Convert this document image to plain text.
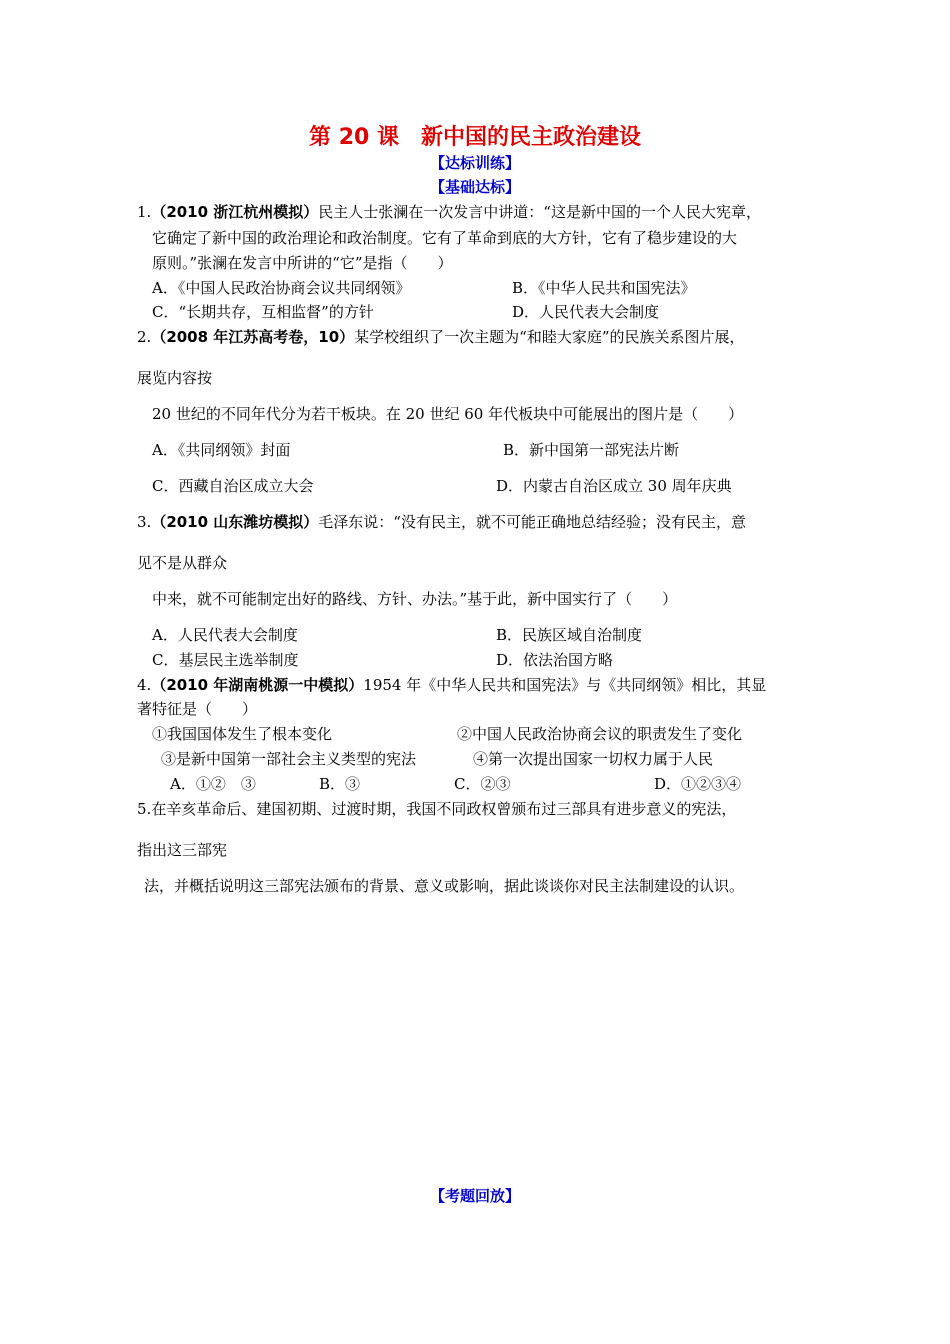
第 20 课　新中国的民主政治建设
【达标训练】
【基础达标】
1.（2010 浙江杭州模拟）民主人士张澜在一次发言中讲道：“这是新中国的一个人民大宪章，
它确定了新中国的政治理论和政治制度。它有了革命到底的大方针，它有了稳步建设的大
原则。”张澜在发言中所讲的“它”是指（　　）
A．《中国人民政治协商会议共同纲领》	B．《中华人民共和国宪法》
C．“长期共存，互相监督”的方针	D．人民代表大会制度
2.（2008 年江苏高考卷，10）某学校组织了一次主题为“和睦大家庭”的民族关系图片展，
展览内容按
20 世纪的不同年代分为若干板块。在 20 世纪 60 年代板块中可能展出的图片是（　　）
A．《共同纲领》封面	B．新中国第一部宪法片断
C．西藏自治区成立大会	D．内蒙古自治区成立 30 周年庆典
3.（2010 山东潍坊模拟）毛泽东说：“没有民主，就不可能正确地总结经验；没有民主，意
见不是从群众
中来，就不可能制定出好的路线、方针、办法。”基于此，新中国实行了（　　）
A．人民代表大会制度	B．民族区域自治制度
C．基层民主选举制度	D．依法治国方略
4.（2010 年湖南桃源一中模拟）1954 年《中华人民共和国宪法》与《共同纲领》相比，其显
著特征是（　　）
①我国国体发生了根本变化	②中国人民政治协商会议的职责发生了变化
③是新中国第一部社会主义类型的宪法	④第一次提出国家一切权力属于人民
A．①②　③	B．③	C．②③	D．①②③④
5.在辛亥革命后、建国初期、过渡时期，我国不同政权曾颁布过三部具有进步意义的宪法，
指出这三部宪
法，并概括说明这三部宪法颁布的背景、意义或影响，据此谈谈你对民主法制建设的认识。
【考题回放】
